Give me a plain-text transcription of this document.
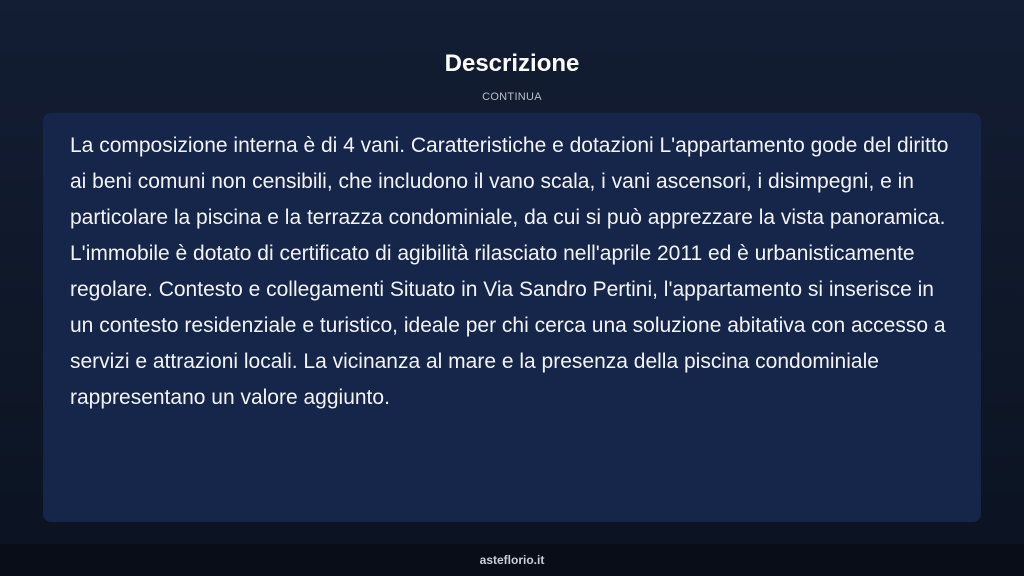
Descrizione
CONTINUA

La composizione interna è di 4 vani. Caratteristiche e dotazioni L'appartamento gode del diritto ai beni comuni non censibili, che includono il vano scala, i vani ascensori, i disimpegni, e in particolare la piscina e la terrazza condominiale, da cui si può apprezzare la vista panoramica. L'immobile è dotato di certificato di agibilità rilasciato nell'aprile 2011 ed è urbanisticamente regolare. Contesto e collegamenti Situato in Via Sandro Pertini, l'appartamento si inserisce in un contesto residenziale e turistico, ideale per chi cerca una soluzione abitativa con accesso a servizi e attrazioni locali. La vicinanza al mare e la presenza della piscina condominiale rappresentano un valore aggiunto.

asteflorio.it
